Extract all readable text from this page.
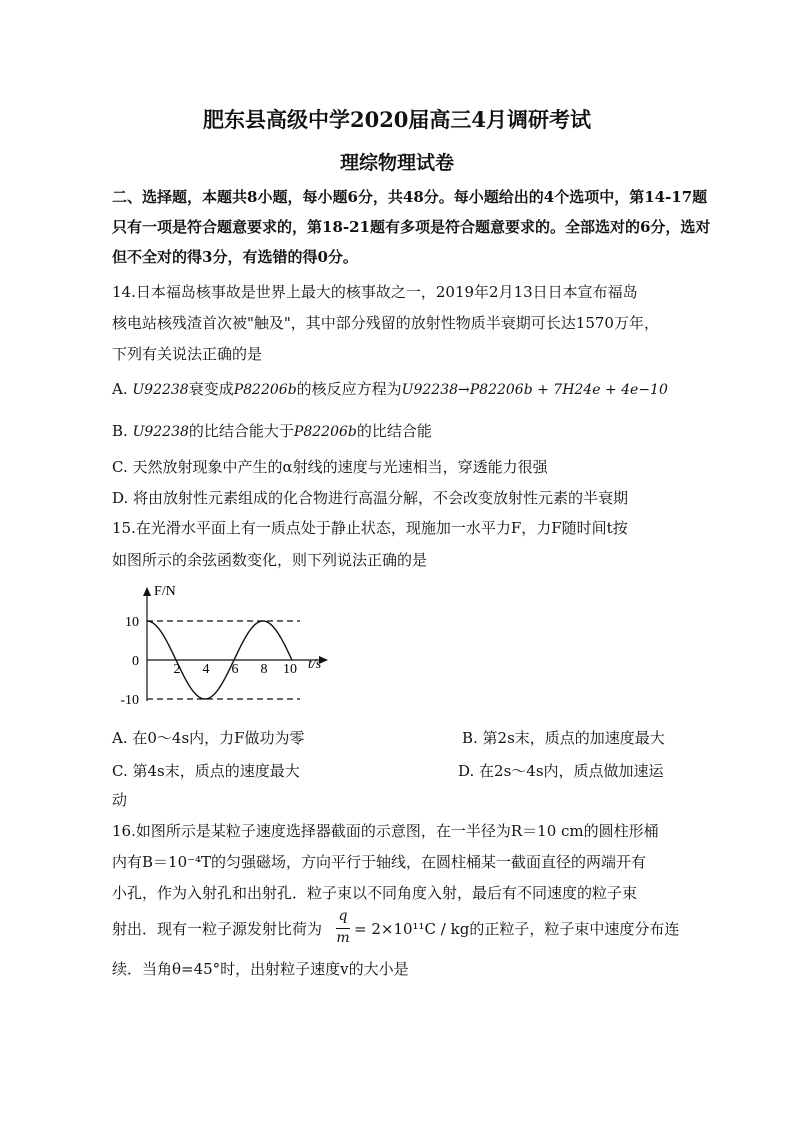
肥东县高级中学2020届高三4月调研考试
理综物理试卷
二、选择题，本题共8小题，每小题6分，共48分。每小题给出的4个选项中，第14-17题
只有一项是符合题意要求的，第18-21题有多项是符合题意要求的。全部选对的6分，选对
但不全对的得3分，有选错的得0分。
14.日本福岛核事故是世界上最大的核事故之一，2019年2月13日日本宣布福岛
核电站核残渣首次被"触及"，其中部分残留的放射性物质半衰期可长达1570万年，
下列有关说法正确的是
A. U92238衰变成P82206b的核反应方程为U92238→P82206b + 7H24e + 4e−10
B. U92238的比结合能大于P82206b的比结合能
C. 天然放射现象中产生的α射线的速度与光速相当，穿透能力很强
D. 将由放射性元素组成的化合物进行高温分解，不会改变放射性元素的半衰期
15.在光滑水平面上有一质点处于静止状态，现施加一水平力F，力F随时间t按
如图所示的余弦函数变化，则下列说法正确的是
2 4 6 8 10
10
0
-10
F/N
t/s
A. 在0～4s内，力F做功为零	B. 第2s末，质点的加速度最大
C. 第4s末，质点的速度最大	D. 在2s～4s内，质点做加速运
动
16.如图所示是某粒子速度选择器截面的示意图，在一半径为R＝10 cm的圆柱形桶
内有B＝10⁻⁴T的匀强磁场，方向平行于轴线，在圆柱桶某一截面直径的两端开有
小孔，作为入射孔和出射孔．粒子束以不同角度入射，最后有不同速度的粒子束
射出．现有一粒子源发射比荷为
q
m = 2×10¹¹C / kg的正粒子，粒子束中速度分布连
续．当角θ=45°时，出射粒子速度v的大小是
